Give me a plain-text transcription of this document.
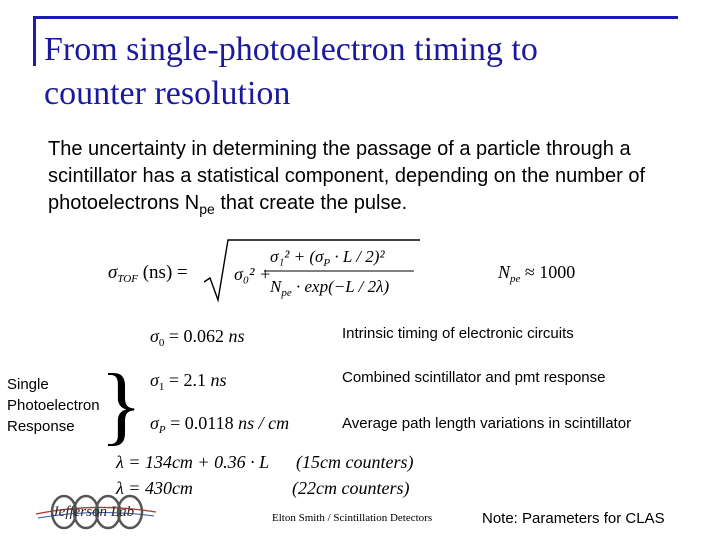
From single-photoelectron timing to
counter resolution
The uncertainty in determining the passage of a particle through a scintillator has a statistical component, depending on the number of photoelectrons $N_{pe}$ that create the pulse.
$\sigma_{TOF}$ (ns) =	σ₀² +
$\sigma_1^2 + (\sigma_P \cdot L / 2)^2$
$N_{pe} \cdot \exp(-L / 2\lambda)$
$N_{pe} \approx 1000$
$\sigma_0 = 0.062$ ns	Intrinsic timing of electronic circuits
$\sigma_1 = 2.1$ ns	Combined scintillator and pmt response
$\sigma_P = 0.0118$ ns / cm	Average path length variations in scintillator
Single
Photoelectron
Response }
λ = 134cm + 0.36 · L (15cm counters)
λ = 430cm	(22cm counters)
Jefferson Lab	Elton Smith / Scintillation Detectors	Note: Parameters for CLAS
